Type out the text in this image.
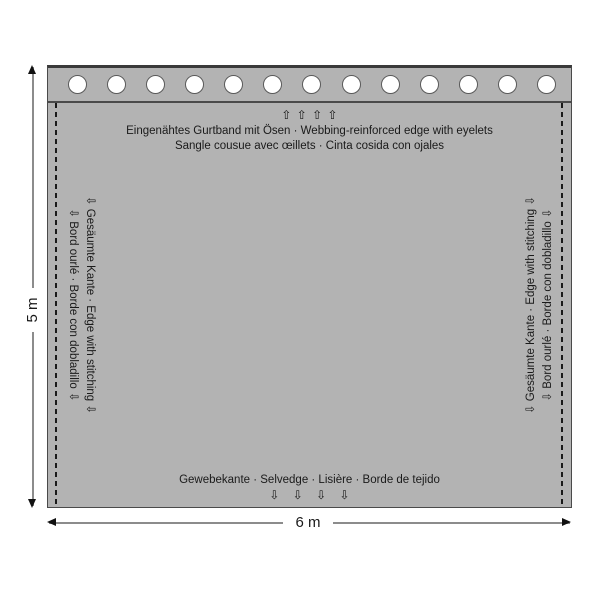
⇧ ⇧ ⇧ ⇧
Eingenähtes Gurtband mit Ösen · Webbing-reinforced edge with eyelets
Sangle cousue avec œillets · Cinta cosida con ojales
⇩ Gesäumte Kante · Edge with stitching ⇩
⇩ Bord ourlé · Borde con dobladillo ⇩	⇩ Gesäumte Kante · Edge with stitching ⇩ ⇩ Bord ourlé · Borde con dobladillo ⇩
Gewebekante · Selvedge · Lisière · Borde de tejido
⇩ ⇩ ⇩ ⇩
5 m
6 m
